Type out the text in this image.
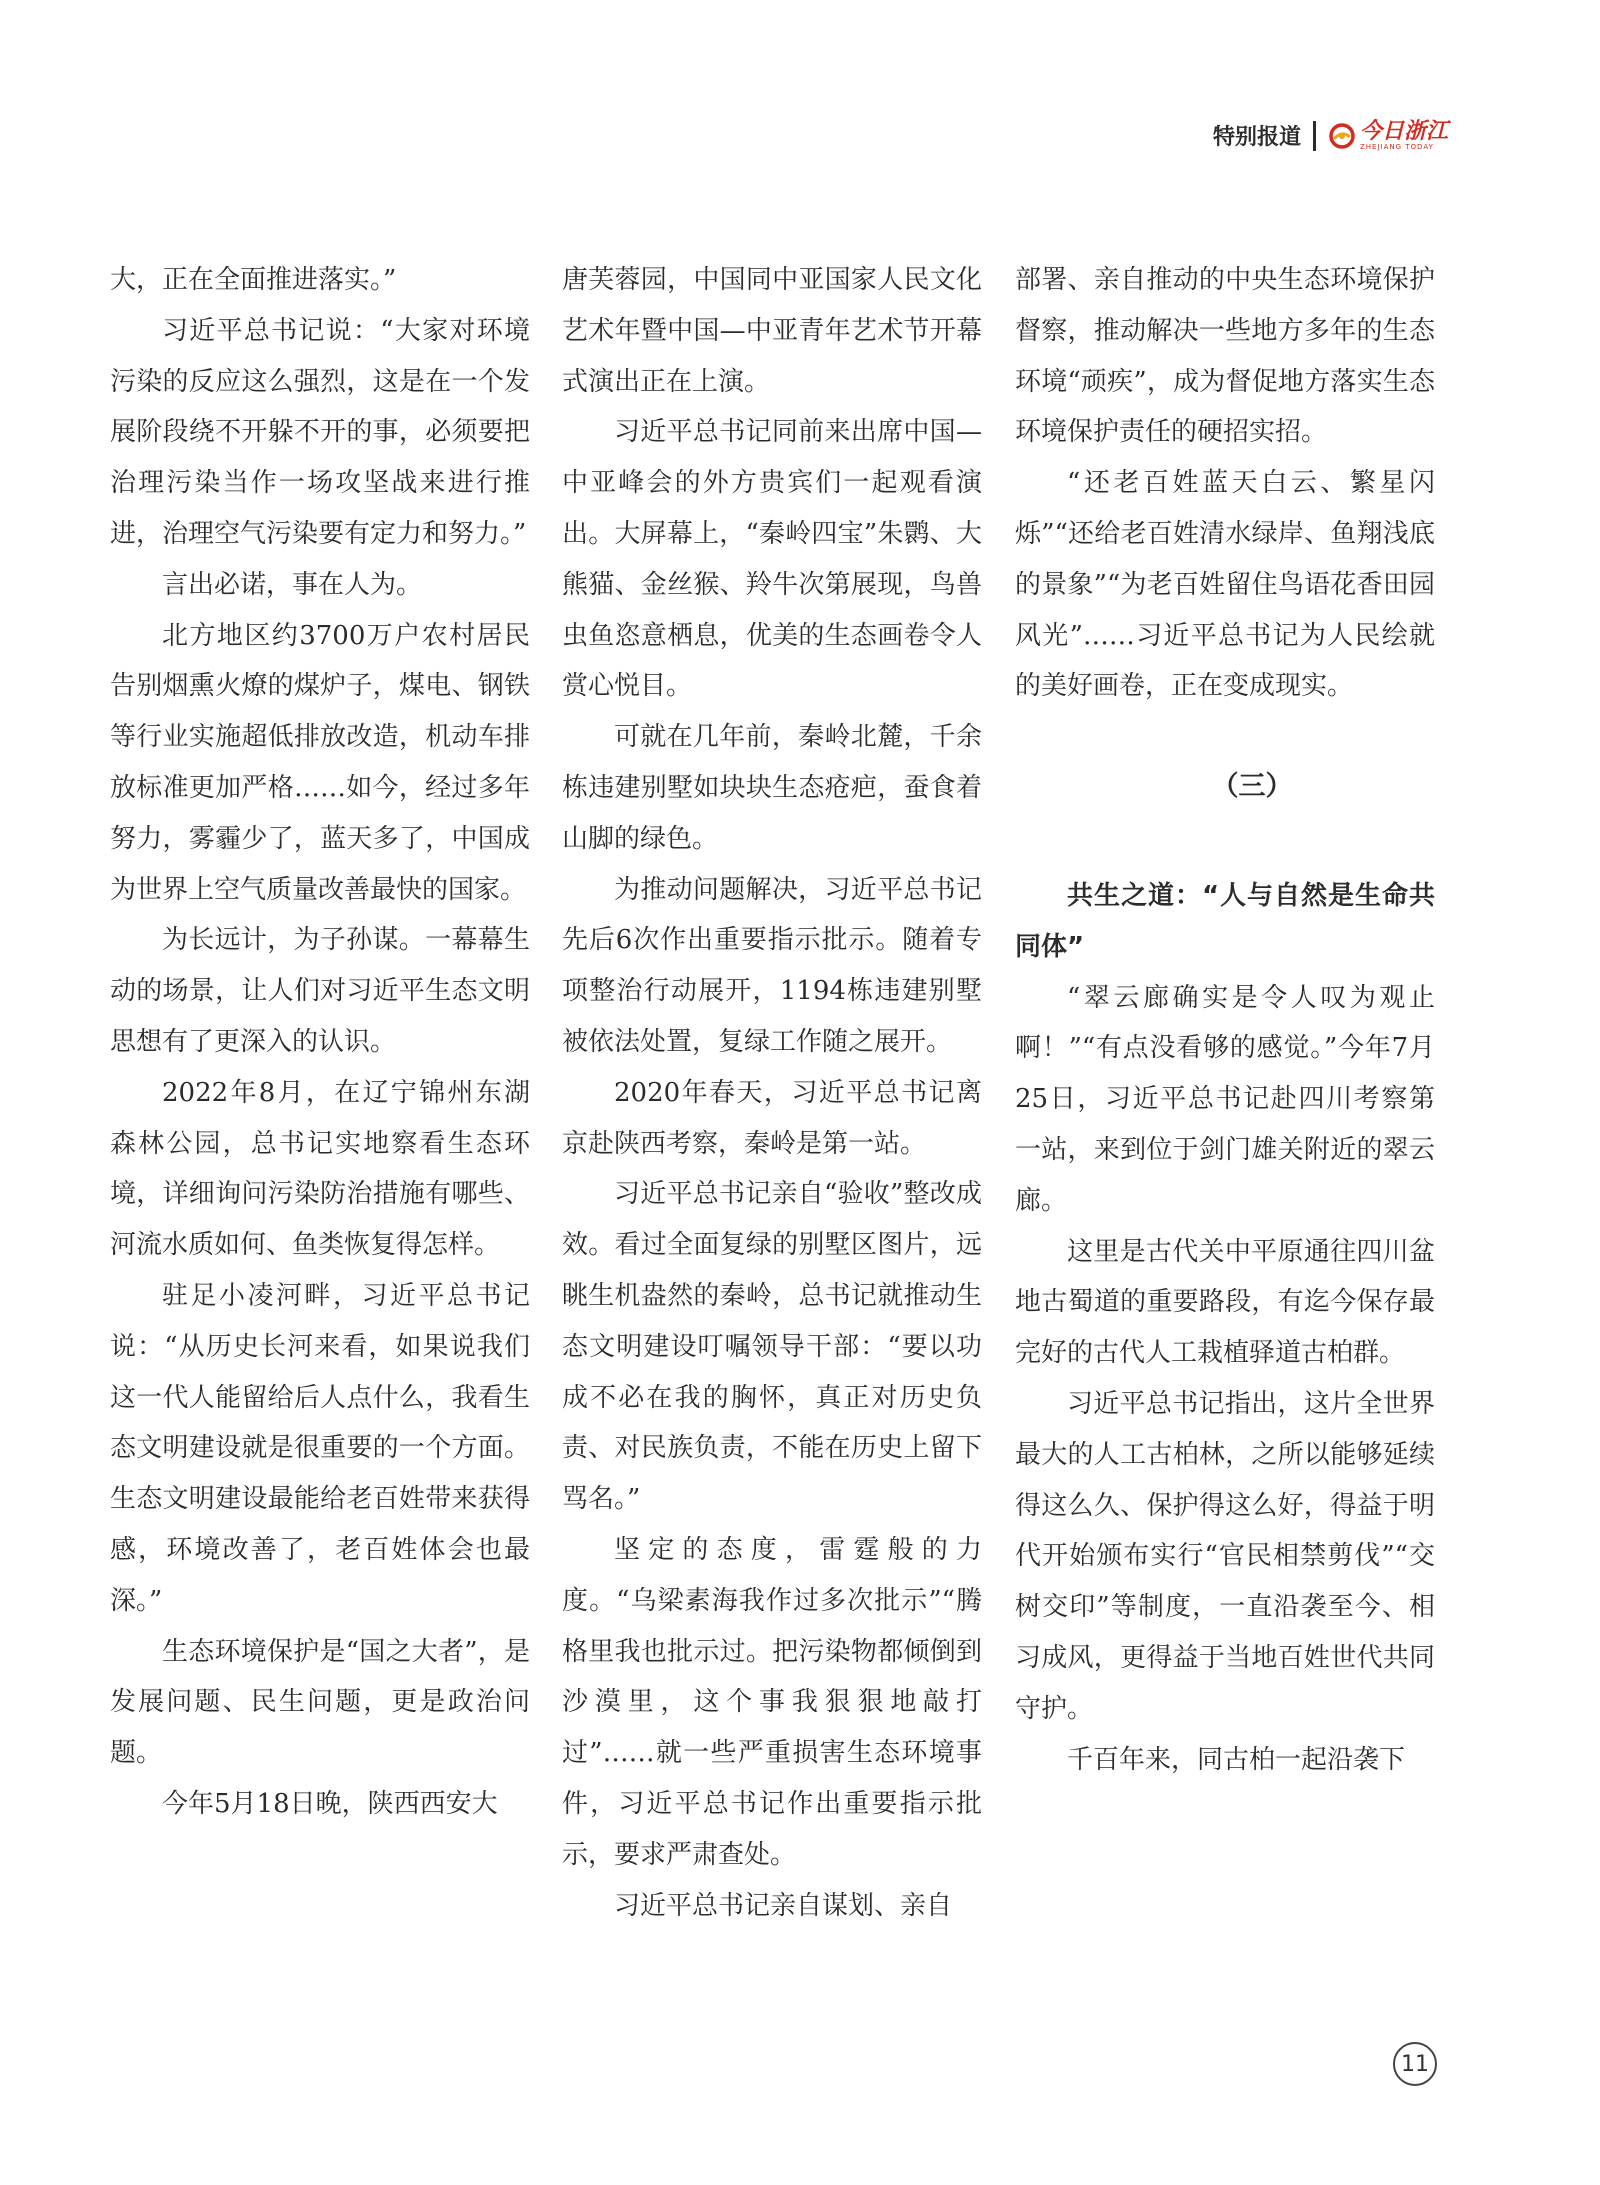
特别报道	今日浙江
ZHEJIANG TODAY

大，正在全面推进落实。”

习近平总书记说：“大家对环境污染的反应这么强烈，这是在一个发展阶段绕不开躲不开的事，必须要把治理污染当作一场攻坚战来进行推进，治理空气污染要有定力和努力。”

言出必诺，事在人为。

北方地区约3700万户农村居民告别烟熏火燎的煤炉子，煤电、钢铁等行业实施超低排放改造，机动车排放标准更加严格……如今，经过多年努力，雾霾少了，蓝天多了，中国成为世界上空气质量改善最快的国家。

为长远计，为子孙谋。一幕幕生动的场景，让人们对习近平生态文明思想有了更深入的认识。

2022年8月，在辽宁锦州东湖森林公园，总书记实地察看生态环境，详细询问污染防治措施有哪些、河流水质如何、鱼类恢复得怎样。

驻足小凌河畔，习近平总书记说：“从历史长河来看，如果说我们这一代人能留给后人点什么，我看生态文明建设就是很重要的一个方面。生态文明建设最能给老百姓带来获得感，环境改善了，老百姓体会也最深。”

生态环境保护是“国之大者”，是发展问题、民生问题，更是政治问题。

今年5月18日晚，陕西西安大

唐芙蓉园，中国同中亚国家人民文化艺术年暨中国—中亚青年艺术节开幕式演出正在上演。

习近平总书记同前来出席中国—中亚峰会的外方贵宾们一起观看演出。大屏幕上，“秦岭四宝”朱鹮、大熊猫、金丝猴、羚牛次第展现，鸟兽虫鱼恣意栖息，优美的生态画卷令人赏心悦目。

可就在几年前，秦岭北麓，千余栋违建别墅如块块生态疮疤，蚕食着山脚的绿色。

为推动问题解决，习近平总书记先后6次作出重要指示批示。随着专项整治行动展开，1194栋违建别墅被依法处置，复绿工作随之展开。

2020年春天，习近平总书记离京赴陕西考察，秦岭是第一站。

习近平总书记亲自“验收”整改成效。看过全面复绿的别墅区图片，远眺生机盎然的秦岭，总书记就推动生态文明建设叮嘱领导干部：“要以功成不必在我的胸怀，真正对历史负责、对民族负责，不能在历史上留下骂名。”

坚定的态度，雷霆般的力度。“乌梁素海我作过多次批示”“腾格里我也批示过。把污染物都倾倒到沙漠里，这个事我狠狠地敲打过”……就一些严重损害生态环境事件，习近平总书记作出重要指示批示，要求严肃查处。

习近平总书记亲自谋划、亲自

部署、亲自推动的中央生态环境保护督察，推动解决一些地方多年的生态环境“顽疾”，成为督促地方落实生态环境保护责任的硬招实招。

“还老百姓蓝天白云、繁星闪烁”“还给老百姓清水绿岸、鱼翔浅底的景象”“为老百姓留住鸟语花香田园风光”……习近平总书记为人民绘就的美好画卷，正在变成现实。

（三）

共生之道：“人与自然是生命共同体”

“翠云廊确实是令人叹为观止啊！”“有点没看够的感觉。”今年7月25日，习近平总书记赴四川考察第一站，来到位于剑门雄关附近的翠云廊。

这里是古代关中平原通往四川盆地古蜀道的重要路段，有迄今保存最完好的古代人工栽植驿道古柏群。

习近平总书记指出，这片全世界最大的人工古柏林，之所以能够延续得这么久、保护得这么好，得益于明代开始颁布实行“官民相禁剪伐”“交树交印”等制度，一直沿袭至今、相习成风，更得益于当地百姓世代共同守护。

千百年来，同古柏一起沿袭下

11
